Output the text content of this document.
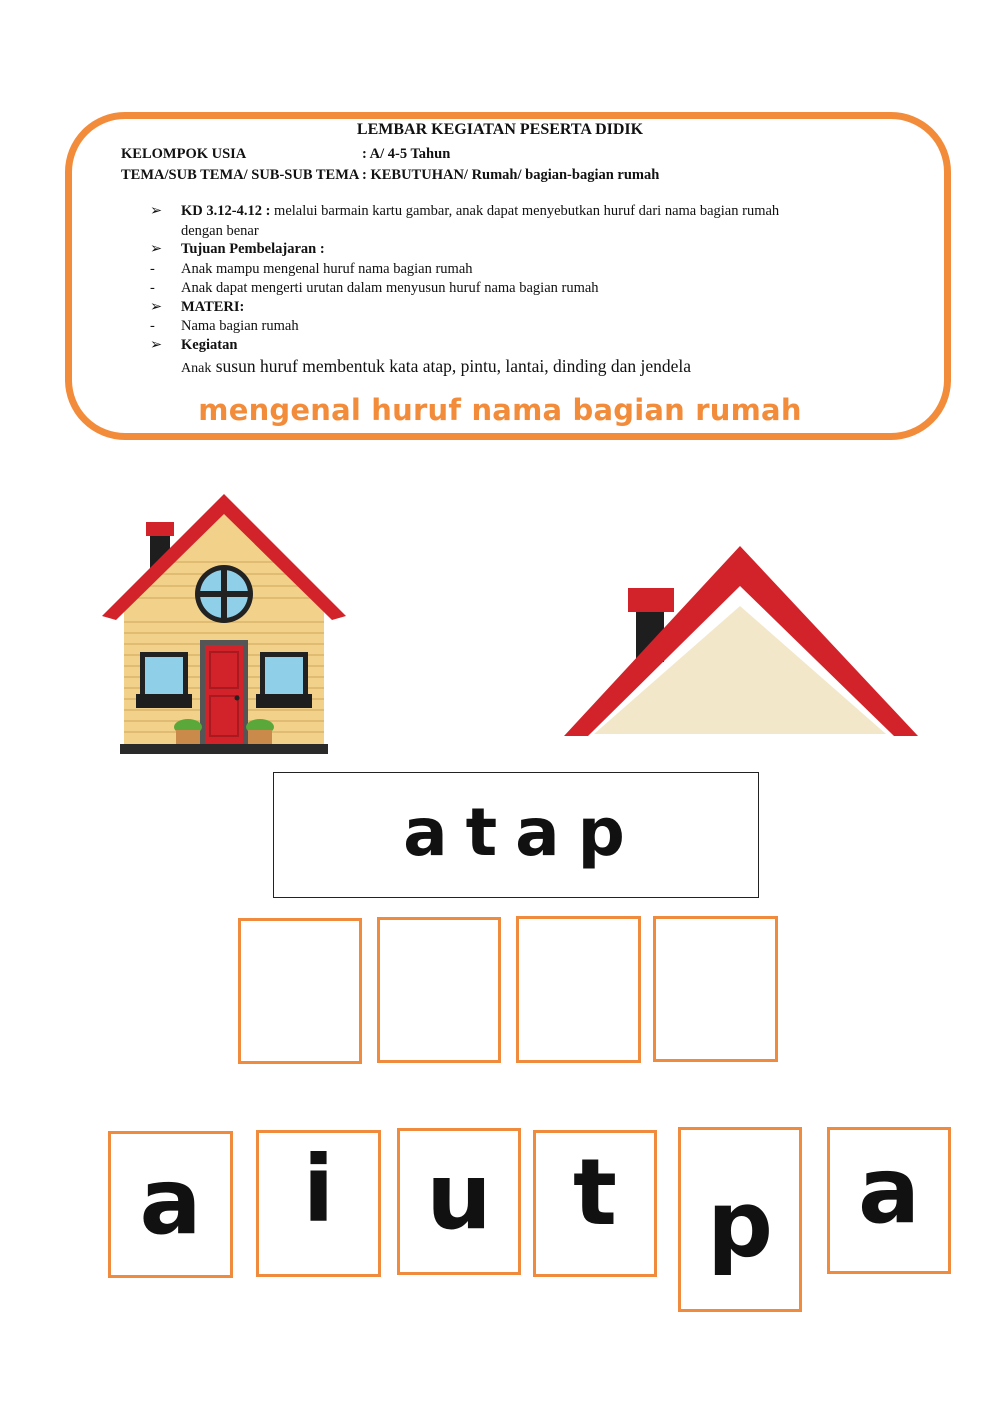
LEMBAR KEGIATAN PESERTA DIDIK
KELOMPOK USIA	: A/ 4-5 Tahun
TEMA/SUB TEMA/ SUB-SUB TEMA : KEBUTUHAN/ Rumah/ bagian-bagian rumah
➢ KD 3.12-4.12 : melalui barmain kartu gambar, anak dapat menyebutkan huruf dari nama bagian rumah
dengan benar
➢ Tujuan Pembelajaran :
- Anak mampu mengenal huruf nama bagian rumah
- Anak dapat mengerti urutan dalam menyusun huruf nama bagian rumah
➢ MATERI:
- Nama bagian rumah
➢ Kegiatan
Anak susun huruf membentuk kata atap, pintu, lantai, dinding dan jendela
mengenal huruf nama bagian rumah
atap
a i u t p a
